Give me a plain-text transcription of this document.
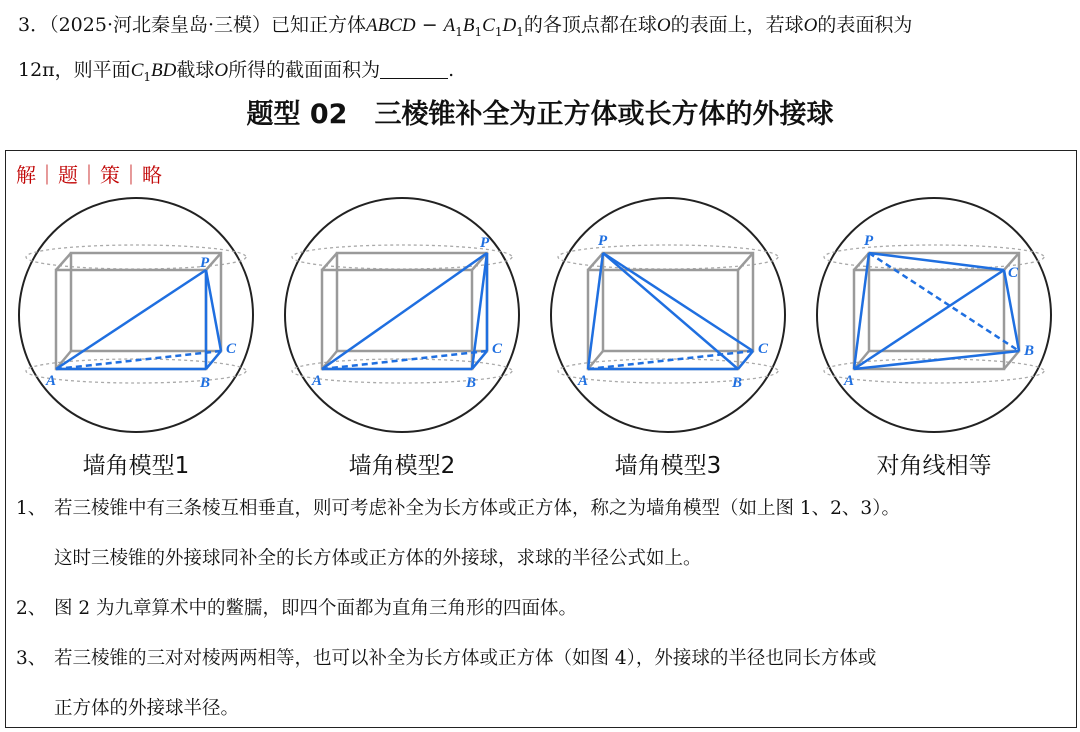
3．（2025·河北秦皇岛·三模）已知正方体ABCD − $A_1B_1C_1D_1$的各顶点都在球O的表面上，若球O的表面积为
12π，则平面$C_1BD$截球O所得的截面面积为	.
题型 02　三棱锥补全为正方体或长方体的外接球
解｜题｜策｜略
P
A	B
C
墙角模型1
P
A	B
C
墙角模型2
P
A	B
C
墙角模型3
P
A
B
C
对角线相等
1、 若三棱锥中有三条棱互相垂直，则可考虑补全为长方体或正方体，称之为墙角模型（如上图 1、2、3）。
这时三棱锥的外接球同补全的长方体或正方体的外接球，求球的半径公式如上。
2、 图 2 为九章算术中的鳖臑，即四个面都为直角三角形的四面体。
3、 若三棱锥的三对对棱两两相等，也可以补全为长方体或正方体（如图 4），外接球的半径也同长方体或
正方体的外接球半径。
